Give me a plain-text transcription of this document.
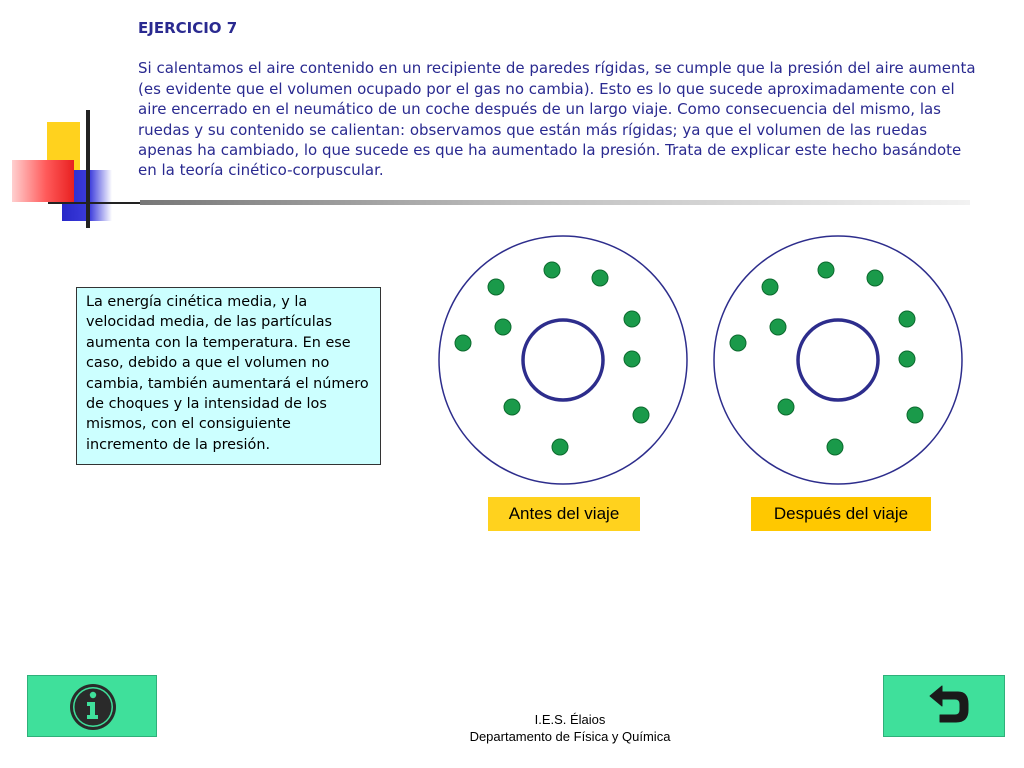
EJERCICIO 7

Si calentamos el aire contenido en un recipiente de paredes rígidas, se cumple que la presión del aire aumenta (es evidente que el volumen ocupado por el gas no cambia). Esto es lo que sucede aproximadamente con el aire encerrado en el neumático de un coche después de un largo viaje. Como consecuencia del mismo, las ruedas y su contenido se calientan: observamos que están más rígidas; ya que el volumen de las ruedas apenas ha cambiado, lo que sucede es que ha aumentado la presión. Trata de explicar este hecho basándote en la teoría cinético-corpuscular.

La energía cinética media, y la velocidad media, de las partículas aumenta con la temperatura. En ese caso, debido a que el volumen no cambia, también aumentará el número de choques y la intensidad de los mismos, con el consiguiente incremento de la presión.
Antes del viaje	Después del viaje
I.E.S. Élaios
Departamento de Física y Química
